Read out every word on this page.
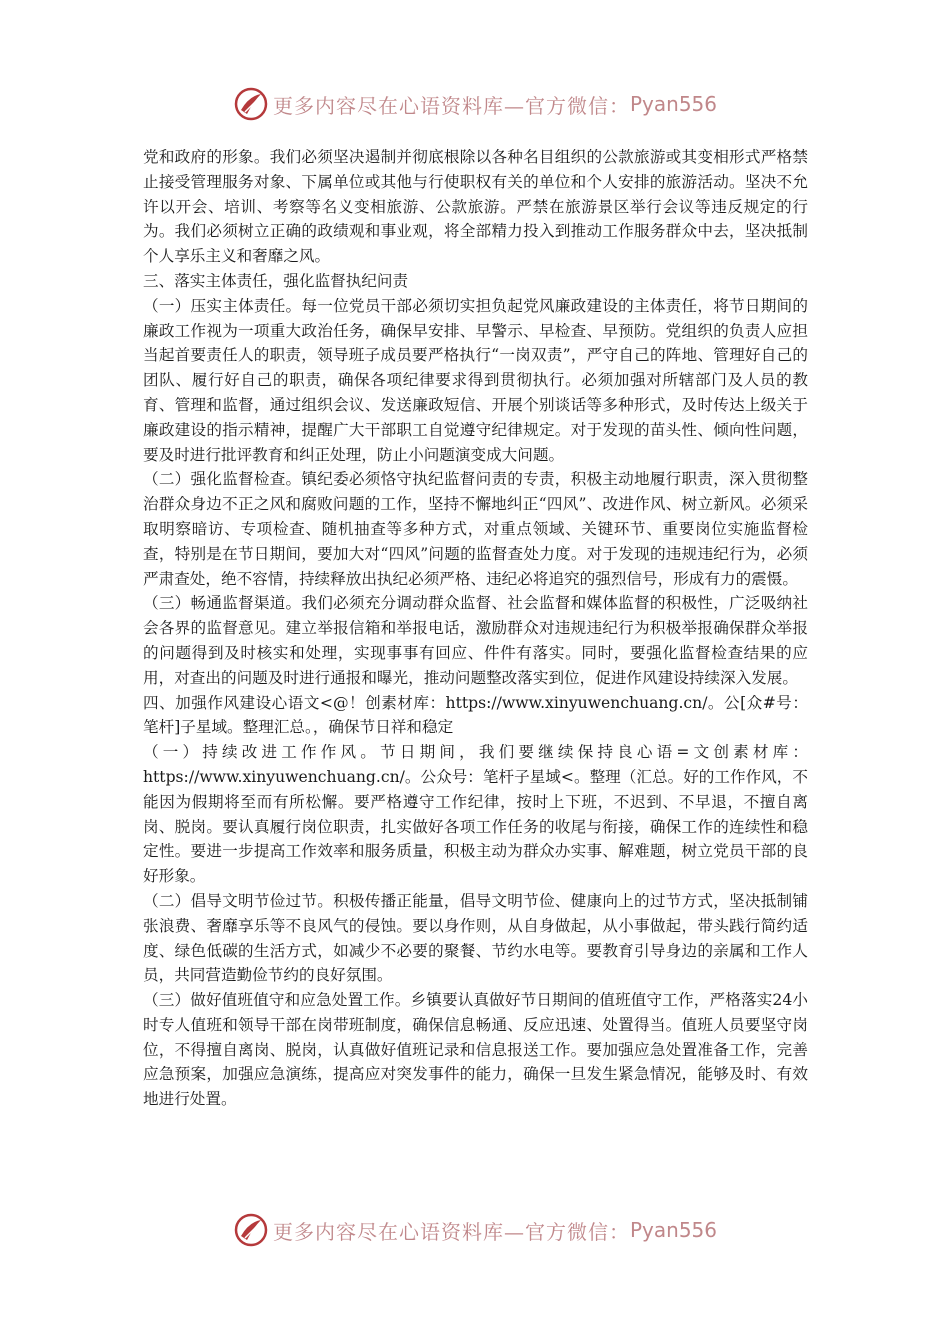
更多内容尽在心语资料库—官方微信： Pyan556

党和政府的形象。我们必须坚决遏制并彻底根除以各种名目组织的公款旅游或其变相形式严格禁止接受管理服务对象、下属单位或其他与行使职权有关的单位和个人安排的旅游活动。坚决不允许以开会、培训、考察等名义变相旅游、公款旅游。严禁在旅游景区举行会议等违反规定的行为。我们必须树立正确的政绩观和事业观，将全部精力投入到推动工作服务群众中去，坚决抵制个人享乐主义和奢靡之风。

三、落实主体责任，强化监督执纪问责

（一）压实主体责任。每一位党员干部必须切实担负起党风廉政建设的主体责任，将节日期间的廉政工作视为一项重大政治任务，确保早安排、早警示、早检查、早预防。党组织的负责人应担当起首要责任人的职责，领导班子成员要严格执行“一岗双责”，严守自己的阵地、管理好自己的团队、履行好自己的职责，确保各项纪律要求得到贯彻执行。必须加强对所辖部门及人员的教育、管理和监督，通过组织会议、发送廉政短信、开展个别谈话等多种形式，及时传达上级关于廉政建设的指示精神，提醒广大干部职工自觉遵守纪律规定。对于发现的苗头性、倾向性问题，要及时进行批评教育和纠正处理，防止小问题演变成大问题。

（二）强化监督检查。镇纪委必须恪守执纪监督问责的专责，积极主动地履行职责，深入贯彻整治群众身边不正之风和腐败问题的工作，坚持不懈地纠正“四风”、改进作风、树立新风。必须采取明察暗访、专项检查、随机抽查等多种方式，对重点领域、关键环节、重要岗位实施监督检查，特别是在节日期间，要加大对“四风”问题的监督查处力度。对于发现的违规违纪行为，必须严肃查处，绝不容情，持续释放出执纪必须严格、违纪必将追究的强烈信号，形成有力的震慑。

（三）畅通监督渠道。我们必须充分调动群众监督、社会监督和媒体监督的积极性，广泛吸纳社会各界的监督意见。建立举报信箱和举报电话，激励群众对违规违纪行为积极举报确保群众举报的问题得到及时核实和处理，实现事事有回应、件件有落实。同时，要强化监督检查结果的应用，对查出的问题及时进行通报和曝光，推动问题整改落实到位，促进作风建设持续深入发展。

四、加强作风建设心语文<@！创素材库：https://www.xinyuwenchuang.cn/。公[众#号：笔杆]子星域。整理汇总。，确保节日祥和稳定

（一）持续改进工作作风。节日期间，我们要继续保持良心语=文创素材库：https://www.xinyuwenchuang.cn/。公众号：笔杆子星域<。整理（汇总。好的工作作风，不能因为假期将至而有所松懈。要严格遵守工作纪律，按时上下班，不迟到、不早退，不擅自离岗、脱岗。要认真履行岗位职责，扎实做好各项工作任务的收尾与衔接，确保工作的连续性和稳定性。要进一步提高工作效率和服务质量，积极主动为群众办实事、解难题，树立党员干部的良好形象。

（二）倡导文明节俭过节。积极传播正能量，倡导文明节俭、健康向上的过节方式，坚决抵制铺张浪费、奢靡享乐等不良风气的侵蚀。要以身作则，从自身做起，从小事做起，带头践行简约适度、绿色低碳的生活方式，如减少不必要的聚餐、节约水电等。要教育引导身边的亲属和工作人员，共同营造勤俭节约的良好氛围。

（三）做好值班值守和应急处置工作。乡镇要认真做好节日期间的值班值守工作，严格落实24小时专人值班和领导干部在岗带班制度，确保信息畅通、反应迅速、处置得当。值班人员要坚守岗位，不得擅自离岗、脱岗，认真做好值班记录和信息报送工作。要加强应急处置准备工作，完善应急预案，加强应急演练，提高应对突发事件的能力，确保一旦发生紧急情况，能够及时、有效地进行处置。

更多内容尽在心语资料库—官方微信： Pyan556
